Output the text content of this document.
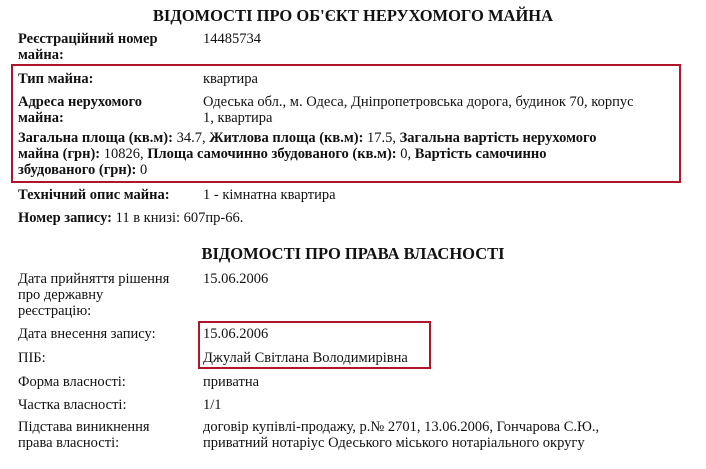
ВІДОМОСТІ ПРО ОБ'ЄКТ НЕРУХОМОГО МАЙНА
Реєстраційний номер
майна:
14485734
Тип майна:	квартира
Адреса нерухомого
майна:
Одеська обл., м. Одеса, Дніпропетровська дорога, будинок 70, корпус
1, квартира
Загальна площа (кв.м): 34.7, Житлова площа (кв.м): 17.5, Загальна вартість нерухомого
майна (грн): 10826, Площа самочинно збудованого (кв.м): 0, Вартість самочинно
збудованого (грн): 0
Технічний опис майна: 1 - кімнатна квартира
Номер запису: 11 в книзі: 607пр-66.
ВІДОМОСТІ ПРО ПРАВА ВЛАСНОСТІ
Дата прийняття рішення
про державну
реєстрацію:
15.06.2006
Дата внесення запису:	15.06.2006
ПІБ:	Джулай Світлана Володимирівна
Форма власності:	приватна
Частка власності:	1/1
Підстава виникнення
права власності:
договір купівлі-продажу, р.№ 2701, 13.06.2006, Гончарова С.Ю.,
приватний нотаріус Одеського міського нотаріального округу
